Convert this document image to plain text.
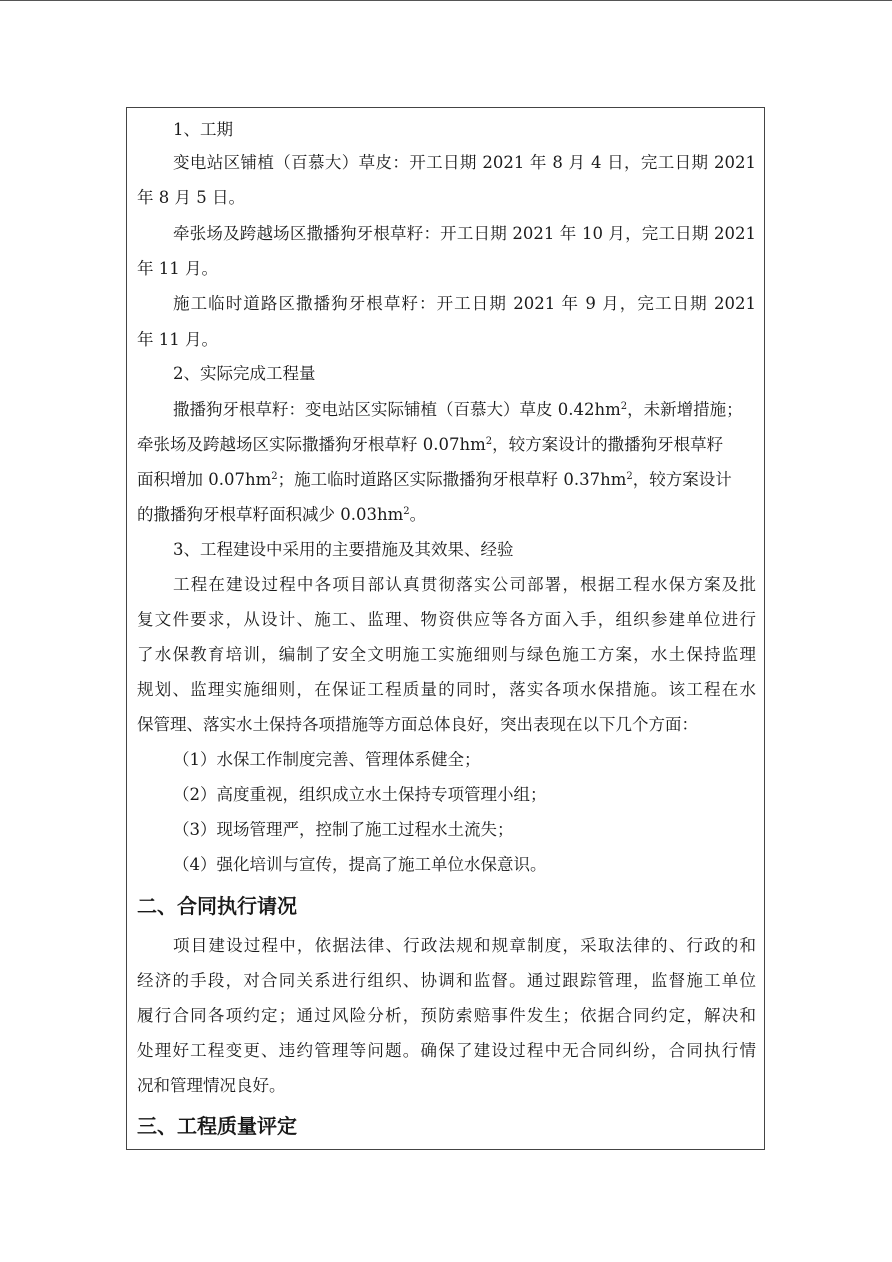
1、工期
变电站区铺植（百慕大）草皮：开工日期 2021 年 8 月 4 日，完工日期 2021
年 8 月 5 日。
牵张场及跨越场区撒播狗牙根草籽：开工日期 2021 年 10 月，完工日期 2021
年 11 月。
施工临时道路区撒播狗牙根草籽：开工日期 2021 年 9 月，完工日期 2021
年 11 月。
2、实际完成工程量
撒播狗牙根草籽：变电站区实际铺植（百慕大）草皮 $0.42hm^2$，未新增措施；
牵张场及跨越场区实际撒播狗牙根草籽 $0.07hm^2$，较方案设计的撒播狗牙根草籽
面积增加 $0.07hm^2$；施工临时道路区实际撒播狗牙根草籽 $0.37hm^2$，较方案设计
的撒播狗牙根草籽面积减少 $0.03hm^2$。
3、工程建设中采用的主要措施及其效果、经验
工程在建设过程中各项目部认真贯彻落实公司部署，根据工程水保方案及批
复文件要求，从设计、施工、监理、物资供应等各方面入手，组织参建单位进行
了水保教育培训，编制了安全文明施工实施细则与绿色施工方案，水土保持监理
规划、监理实施细则，在保证工程质量的同时，落实各项水保措施。该工程在水
保管理、落实水土保持各项措施等方面总体良好，突出表现在以下几个方面：
（1）水保工作制度完善、管理体系健全；
（2）高度重视，组织成立水土保持专项管理小组；
（3）现场管理严，控制了施工过程水土流失；
（4）强化培训与宣传，提高了施工单位水保意识。
二、合同执行请况
项目建设过程中，依据法律、行政法规和规章制度，采取法律的、行政的和
经济的手段，对合同关系进行组织、协调和监督。通过跟踪管理，监督施工单位
履行合同各项约定；通过风险分析，预防索赔事件发生；依据合同约定，解决和
处理好工程变更、违约管理等问题。确保了建设过程中无合同纠纷，合同执行情
况和管理情况良好。
三、工程质量评定
